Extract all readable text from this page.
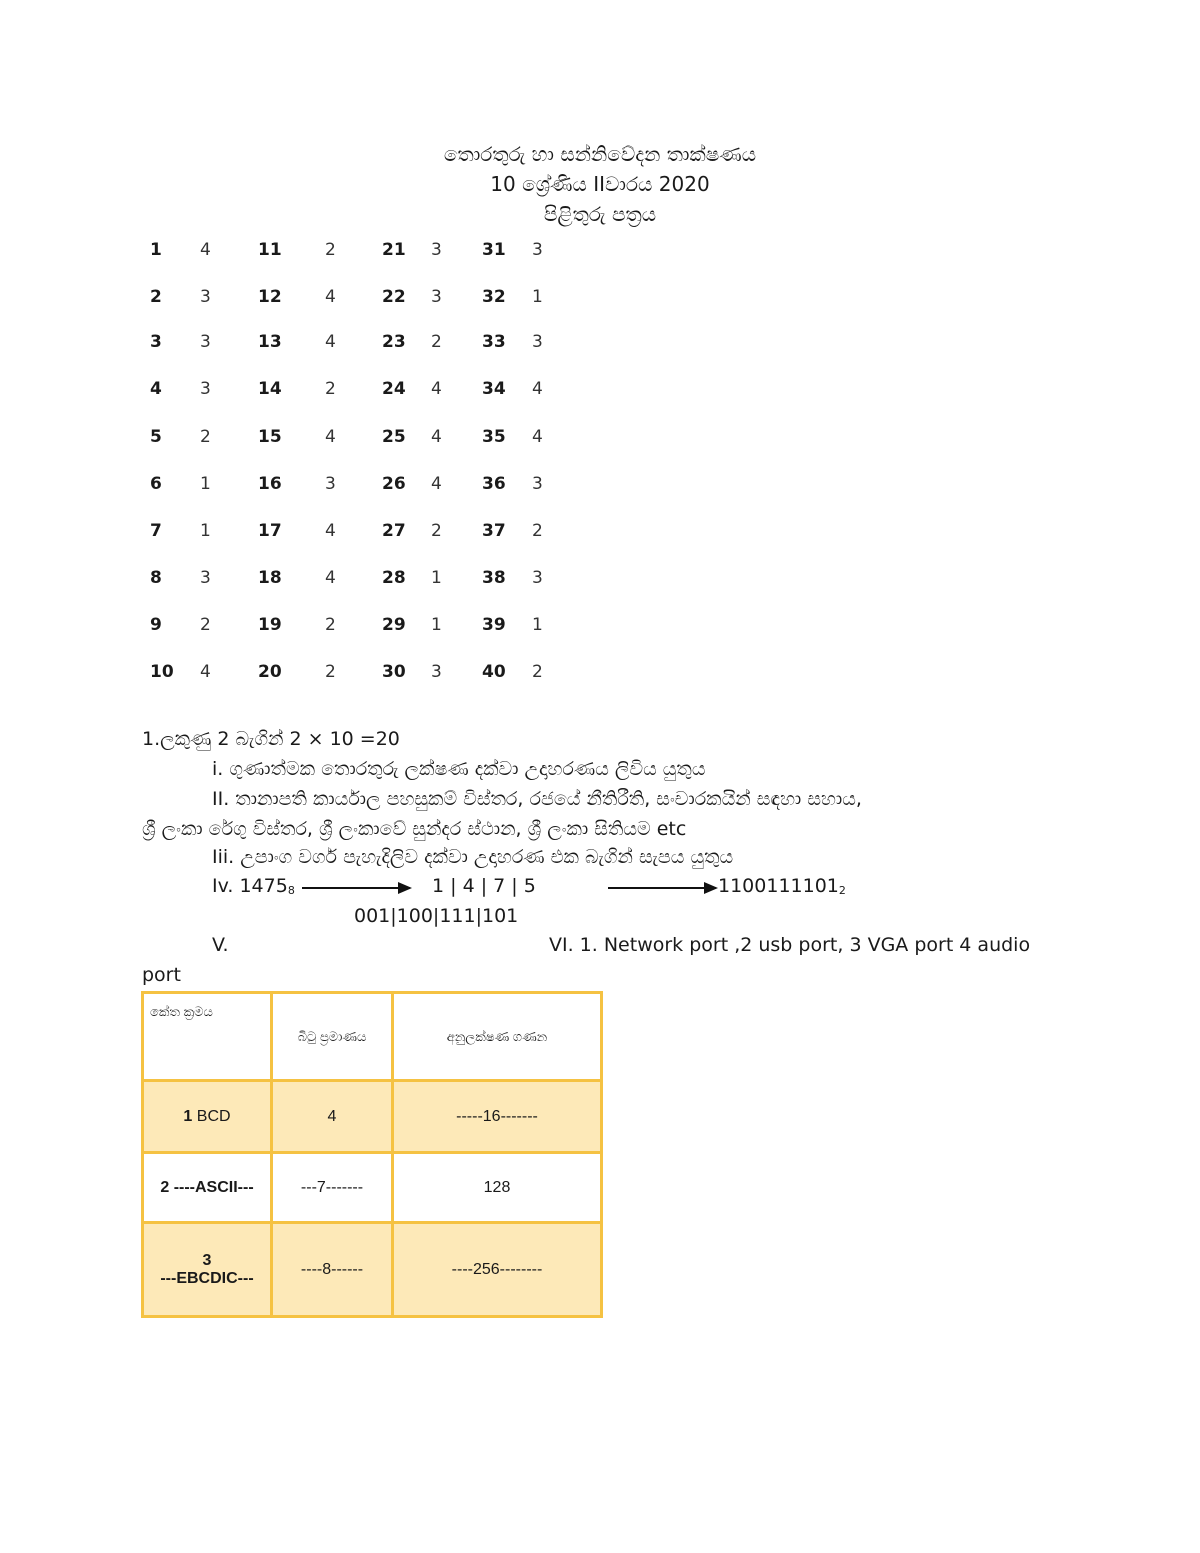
තොරතුරු හා සන්නිවේදන තාක්ෂණය
10 ශ්‍රේණිය IIවාරය 2020
පිළිතුරු පත්‍රය
1 4	11	2	21 3 31 3
2 3	12	4	22 3 32 1
3 3	13	4	23 2 33 3
4 3	14	2	24 4 34 4
5 2	15	4	25 4 35 4
6 1	16	3	26 4 36 3
7 1	17	4	27 2 37 2
8 3	18	4	28 1 38 3
9 2	19	2	29 1 39 1
10 4	20	2	30 3 40 2
1.ලකුණු 2 බැගින් 2 × 10 =20
i. ගුණාත්මක තොරතුරු ලක්ෂණ දක්වා උදාහරණය ලිවිය යුතුය
II. තානාපති කාර්යාල පහසුකම් විස්තර, රජයේ නීතිරීති, සංචාරකයින් සඳහා සහාය,
ශ්‍රී ලංකා රේගු විස්තර, ශ්‍රී ලංකාවේ සුන්දර ස්ථාන, ශ්‍රී ලංකා සිතියම etc
Iii. උපාංග වර්ග පැහැදිලිව දක්වා උදාහරණ එක බැගින් සැපය යුතුය
Iv. $1475_8$	1 | 4 | 7 | 5	$1100111101_2$
001|100|111|101
V.	VI. 1. Network port ,2 usb port, 3 VGA port 4 audio
port
කේත ක්‍රමය	බිටු ප්‍රමාණය	අනුලක්ෂණ ගණන
1 BCD	4	-----16-------
2 ----ASCII---	---7-------	128
3
---EBCDIC---	----8------	----256--------
